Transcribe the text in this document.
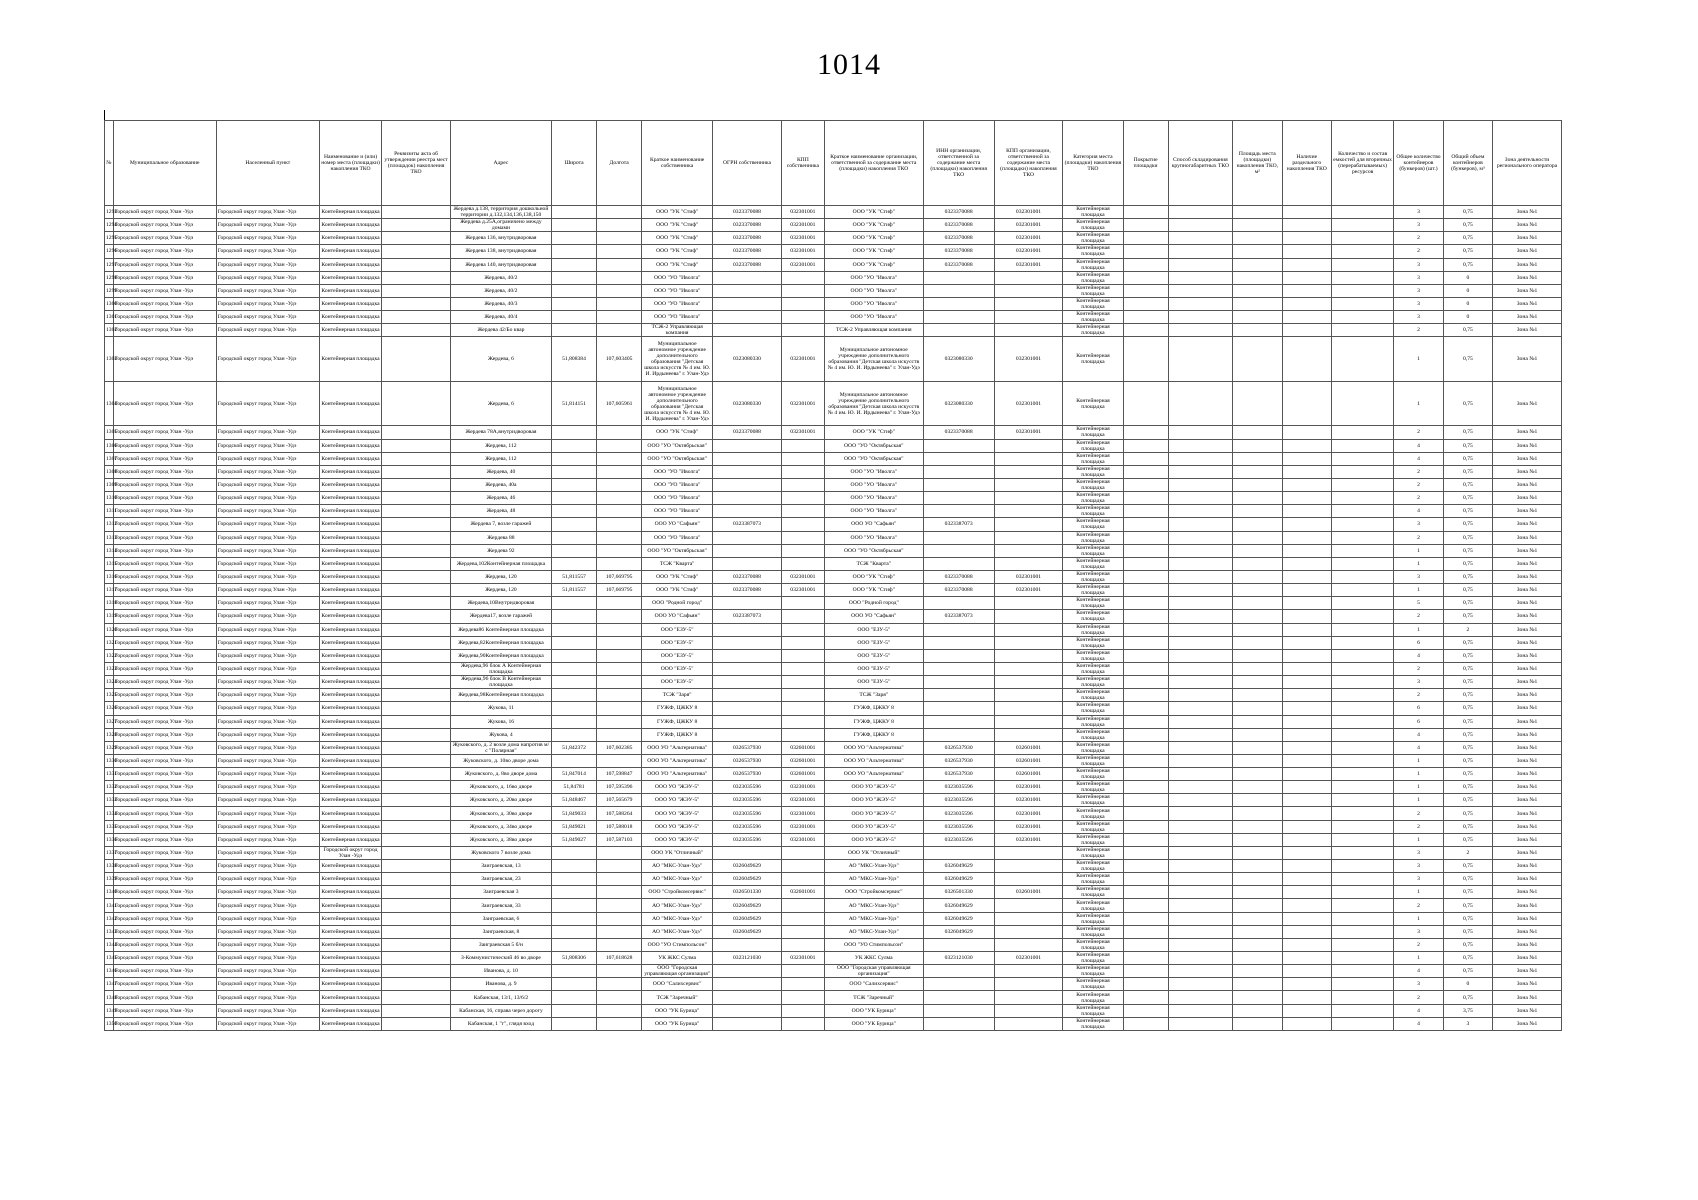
1014
№	Муниципальное образование	Населенный пункт	Наименование и (или) номер места (площадки) накопления ТКО	Реквизиты акта об утверждении реестра мест (площадок) накопления ТКО	Адрес	Широта	Долгота	Краткое наименование собственника	ОГРН собственника	КПП собственника	Краткое наименование организации, ответственной за содержание места (площадки) накопления ТКО	ИНН организации, ответственной за содержание места (площадки) накопления ТКО	КПП организации, ответственной за содержание места (площадки) накопления ТКО	Категория места (площадки) накопления ТКО	Покрытие площадки	Способ складирования крупногабаритных ТКО	Площадь места (площадки) накопления ТКО, м²	Наличие раздельного накопления ТКО	Количество и состав емкостей для вторичных (перерабатываемых) ресурсов	Общее количество контейнеров (бункеров) (шт.)	Общий объем контейнеров (бункеров), м³	Зона деятельности регионального оператора
1293	Городской округ город Улан -Удэ	Городской округ город Улан -Удэ	Контейнерная площадка		Жердева д.138, территория дошкольной территории д.132,134,136,138,150			ООО "УК "Стиф"	0323370088	032301001	ООО "УК "Стиф"	0323370088	032301001	Контейнерная площадка						3	0,75	Зона №1
1294	Городской округ город Улан -Удэ	Городской округ город Улан -Удэ	Контейнерная площадка		Жердева д.25А,ограничено между домами			ООО "УК "Стиф"	0323370088	032301001	ООО "УК "Стиф"	0323370088	032301001	Контейнерная площадка						3	0,75	Зона №1
1295	Городской округ город Улан -Удэ	Городской округ город Улан -Удэ	Контейнерная площадка		Жердева 136, внутридворовая			ООО "УК "Стиф"	0323370088	032301001	ООО "УК "Стиф"	0323370088	032301001	Контейнерная площадка						2	0,75	Зона №1
1296	Городской округ город Улан -Удэ	Городской округ город Улан -Удэ	Контейнерная площадка		Жердева 138, внутридворовая			ООО "УК "Стиф"	0323370088	032301001	ООО "УК "Стиф"	0323370088	032301001	Контейнерная площадка						2	0,75	Зона №1
1297	Городской округ город Улан -Удэ	Городской округ город Улан -Удэ	Контейнерная площадка		Жердева 140, внутридворовая			ООО "УК "Стиф"	0323370088	032301001	ООО "УК "Стиф"	0323370088	032301001	Контейнерная площадка						3	0,75	Зона №1
1298	Городской округ город Улан -Удэ	Городской округ город Улан -Удэ	Контейнерная площадка		Жердева, 40/2			ООО "УО "Иволга"			ООО "УО "Иволга"			Контейнерная площадка						3	0	Зона №1
1299	Городской округ город Улан -Удэ	Городской округ город Улан -Удэ	Контейнерная площадка		Жердева, 40/2			ООО "УО "Иволга"			ООО "УО "Иволга"			Контейнерная площадка						3	0	Зона №1
1300	Городской округ город Улан -Удэ	Городской округ город Улан -Удэ	Контейнерная площадка		Жердева, 40/3			ООО "УО "Иволга"			ООО "УО "Иволга"			Контейнерная площадка						3	0	Зона №1
1301	Городской округ город Улан -Удэ	Городской округ город Улан -Удэ	Контейнерная площадка		Жердева, 40/4			ООО "УО "Иволга"			ООО "УО "Иволга"			Контейнерная площадка						3	0	Зона №1
1302	Городской округ город Улан -Удэ	Городской округ город Улан -Удэ	Контейнерная площадка		Жердева 42/Бо квар			ТСЖ-2 Управляющая компания			ТСЖ-2 Управляющая компания			Контейнерная площадка						2	0,75	Зона №1
1303	Городской округ город Улан -Удэ	Городской округ город Улан -Удэ	Контейнерная площадка		Жердева, 6	51,808384	107,603405	Муниципальное автономное учреждение дополнительного образования "Детская школа искусств № 4 им. Ю. И. Ирдынеева" г. Улан-Удэ	0323080330	032301001	Муниципальное автономное учреждение дополнительного образования "Детская школа искусств № 4 им. Ю. И. Ирдынеева" г. Улан-Удэ	0323080330	032301001	Контейнерная площадка						1	0,75	Зона №1
1304	Городской округ город Улан -Удэ	Городской округ город Улан -Удэ	Контейнерная площадка		Жердева, 6	51,814151	107,605961	Муниципальное автономное учреждение дополнительного образования "Детская школа искусств № 4 им. Ю. И. Ирдынеева" г. Улан-Удэ	0323080330	032301001	Муниципальное автономное учреждение дополнительного образования "Детская школа искусств № 4 им. Ю. И. Ирдынеева" г. Улан-Удэ	0323080330	032301001	Контейнерная площадка						1	0,75	Зона №1
1305	Городской округ город Улан -Удэ	Городской округ город Улан -Удэ	Контейнерная площадка		Жердева 78А,внутридворовая			ООО "УК "Стиф"	0323370088	032301001	ООО "УК "Стиф"	0323370088	032301001	Контейнерная площадка						2	0,75	Зона №1
1306	Городской округ город Улан -Удэ	Городской округ город Улан -Удэ	Контейнерная площадка		Жердева, 112			ООО "УО "Октябрьская"			ООО "УО "Октябрьская"			Контейнерная площадка						4	0,75	Зона №1
1307	Городской округ город Улан -Удэ	Городской округ город Улан -Удэ	Контейнерная площадка		Жердева, 112			ООО "УО "Октябрьская"			ООО "УО "Октябрьская"			Контейнерная площадка						4	0,75	Зона №1
1308	Городской округ город Улан -Удэ	Городской округ город Улан -Удэ	Контейнерная площадка		Жердева, 40			ООО "УО "Иволга"			ООО "УО "Иволга"			Контейнерная площадка						2	0,75	Зона №1
1309	Городской округ город Улан -Удэ	Городской округ город Улан -Удэ	Контейнерная площадка		Жердева, 40а			ООО "УО "Иволга"			ООО "УО "Иволга"			Контейнерная площадка						2	0,75	Зона №1
1310	Городской округ город Улан -Удэ	Городской округ город Улан -Удэ	Контейнерная площадка		Жердева, 46			ООО "УО "Иволга"			ООО "УО "Иволга"			Контейнерная площадка						2	0,75	Зона №1
1311	Городской округ город Улан -Удэ	Городской округ город Улан -Удэ	Контейнерная площадка		Жердева, 48			ООО "УО "Иволга"			ООО "УО "Иволга"			Контейнерная площадка						4	0,75	Зона №1
1312	Городской округ город Улан -Удэ	Городской округ город Улан -Удэ	Контейнерная площадка		Жердева 7, возле гаражей			ООО УО "Сафьян"	0323387073		ООО УО "Сафьян"	0323387073		Контейнерная площадка						3	0,75	Зона №1
1313	Городской округ город Улан -Удэ	Городской округ город Улан -Удэ	Контейнерная площадка		Жердева 88			ООО "УО "Иволга"			ООО "УО "Иволга"			Контейнерная площадка						2	0,75	Зона №1
1314	Городской округ город Улан -Удэ	Городской округ город Улан -Удэ	Контейнерная площадка		Жердева 92			ООО "УО "Октябрьская"			ООО "УО "Октябрьская"			Контейнерная площадка						1	0,75	Зона №1
1315	Городской округ город Улан -Удэ	Городской округ город Улан -Удэ	Контейнерная площадка		Жердева,102Контейнерная площадка			ТСЖ "Кварта"			ТСЖ "Кварта"			Контейнерная площадка						1	0,75	Зона №1
1316	Городской округ город Улан -Удэ	Городской округ город Улан -Удэ	Контейнерная площадка		Жердева, 120	51,811557	107,669795	ООО "УК "Стиф"	0323370088	032301001	ООО "УК "Стиф"	0323370088	032301001	Контейнерная площадка						3	0,75	Зона №1
1317	Городской округ город Улан -Удэ	Городской округ город Улан -Удэ	Контейнерная площадка		Жердева, 120	51,811557	107,669795	ООО "УК "Стиф"	0323370088	032301001	ООО "УК "Стиф"	0323370088	032301001	Контейнерная площадка						1	0,75	Зона №1
1318	Городской округ город Улан -Удэ	Городской округ город Улан -Удэ	Контейнерная площадка		Жердева,10Внутридворовая			ООО "Родной город"			ООО "Родной город"			Контейнерная площадка						5	0,75	Зона №1
1319	Городской округ город Улан -Удэ	Городской округ город Улан -Удэ	Контейнерная площадка		Жердева17, возле гаражей			ООО УО "Сафьян"	0323387073		ООО УО "Сафьян"	0323387073		Контейнерная площадка						2	0,75	Зона №1
1320	Городской округ город Улан -Удэ	Городской округ город Улан -Удэ	Контейнерная площадка		Жердева86 Контейнерная площадка			ООО "ЕЗУ-5"			ООО "ЕЗУ-5"			Контейнерная площадка						1	2	Зона №1
1321	Городской округ город Улан -Удэ	Городской округ город Улан -Удэ	Контейнерная площадка		Жердева,82Контейнерная площадка			ООО "ЕЗУ-5"			ООО "ЕЗУ-5"			Контейнерная площадка						6	0,75	Зона №1
1322	Городской округ город Улан -Удэ	Городской округ город Улан -Удэ	Контейнерная площадка		Жердева,90Контейнерная площадка			ООО "ЕЗУ-5"			ООО "ЕЗУ-5"			Контейнерная площадка						4	0,75	Зона №1
1323	Городской округ город Улан -Удэ	Городской округ город Улан -Удэ	Контейнерная площадка		Жердева,96 блок А Контейнерная площадка			ООО "ЕЗУ-5"			ООО "ЕЗУ-5"			Контейнерная площадка						2	0,75	Зона №1
1324	Городской округ город Улан -Удэ	Городской округ город Улан -Удэ	Контейнерная площадка		Жердева,96 блок В Контейнерная площадка			ООО "ЕЗУ-5"			ООО "ЕЗУ-5"			Контейнерная площадка						3	0,75	Зона №1
1325	Городской округ город Улан -Удэ	Городской округ город Улан -Удэ	Контейнерная площадка		Жердева,98Контейнерная площадка			ТСЖ "Заря"			ТСЖ "Заря"			Контейнерная площадка						2	0,75	Зона №1
1326	Городской округ город Улан -Удэ	Городской округ город Улан -Удэ	Контейнерная площадка		Жукова, 11			ГУЖФ, ЦЖКУ 8			ГУЖФ, ЦЖКУ 8			Контейнерная площадка						6	0,75	Зона №1
1327	Городской округ город Улан -Удэ	Городской округ город Улан -Удэ	Контейнерная площадка		Жукова, 16			ГУЖФ, ЦЖКУ 8			ГУЖФ, ЦЖКУ 8			Контейнерная площадка						6	0,75	Зона №1
1328	Городской округ город Улан -Удэ	Городской округ город Улан -Удэ	Контейнерная площадка		Жукова, 4			ГУЖФ, ЦЖКУ 8			ГУЖФ, ЦЖКУ 8			Контейнерная площадка						4	0,75	Зона №1
1329	Городской округ город Улан -Удэ	Городской округ город Улан -Удэ	Контейнерная площадка		Жуковского, д. 2 возле дома напротив м/с "Полярная"	51,842372	107,602385	ООО УО "Альтернатива"	0326537930	032601001	ООО УО "Альтернатива"	0326537930	032601001	Контейнерная площадка						4	0,75	Зона №1
1330	Городской округ город Улан -Удэ	Городской округ город Улан -Удэ	Контейнерная площадка		Жуковского, д. 10во дворе дома			ООО УО "Альтернатива"	0326537930	032601001	ООО УО "Альтернатива"	0326537930	032601001	Контейнерная площадка						1	0,75	Зона №1
1331	Городской округ город Улан -Удэ	Городской округ город Улан -Удэ	Контейнерная площадка		Жуковского, д. 8во дворе дома	51,847014	107,598847	ООО УО "Альтернатива"	0326537930	032601001	ООО УО "Альтернатива"	0326537930	032601001	Контейнерная площадка						1	0,75	Зона №1
1332	Городской округ город Улан -Удэ	Городской округ город Улан -Удэ	Контейнерная площадка		Жуковского, д. 16во дворе	51,84781	107,595396	ООО УО "ЖЭУ-5"	0323035596	032301001	ООО УО "ЖЭУ-5"	0323035596	032301001	Контейнерная площадка						1	0,75	Зона №1
1333	Городской округ город Улан -Удэ	Городской округ город Улан -Удэ	Контейнерная площадка		Жуковского, д. 20во дворе	51,848467	107,565679	ООО УО "ЖЭУ-5"	0323035596	032301001	ООО УО "ЖЭУ-5"	0323035596	032301001	Контейнерная площадка						1	0,75	Зона №1
1334	Городской округ город Улан -Удэ	Городской округ город Улан -Удэ	Контейнерная площадка		Жуковского, д. 30во дворе	51,849033	107,588264	ООО УО "ЖЭУ-5"	0323035596	032301001	ООО УО "ЖЭУ-5"	0323035596	032301001	Контейнерная площадка						2	0,75	Зона №1
1335	Городской округ город Улан -Удэ	Городской округ город Улан -Удэ	Контейнерная площадка		Жуковского, д. 34во дворе	51,849021	107,588018	ООО УО "ЖЭУ-5"	0323035596	032301001	ООО УО "ЖЭУ-5"	0323035596	032301001	Контейнерная площадка						2	0,75	Зона №1
1336	Городской округ город Улан -Удэ	Городской округ город Улан -Удэ	Контейнерная площадка		Жуковского, д. 38во дворе	51,849027	107,587103	ООО УО "ЖЭУ-5"	0323035596	032301001	ООО УО "ЖЭУ-5"	0323035596	032301001	Контейнерная площадка						1	0,75	Зона №1
1337	Городской округ город Улан -Удэ	Городской округ город Улан -Удэ	Городской округ город Улан -Удэ		Жуковского 7 возле дома			ООО УК "Отличный"			ООО УК "Отличный"			Контейнерная площадка						3	2	Зона №1
1338	Городской округ город Улан -Удэ	Городской округ город Улан -Удэ	Контейнерная площадка		Заиграевская, 13			АО "МКС-Улан-Удэ"	0326049629		АО "МКС-Улан-Удэ"	0326049629		Контейнерная площадка						3	0,75	Зона №1
1339	Городской округ город Улан -Удэ	Городской округ город Улан -Удэ	Контейнерная площадка		Заиграевская, 23			АО "МКС-Улан-Удэ"	0326049629		АО "МКС-Улан-Удэ"	0326049629		Контейнерная площадка						3	0,75	Зона №1
1340	Городской округ город Улан -Удэ	Городской округ город Улан -Удэ	Контейнерная площадка		Заиграевская 3			ООО "Стройкомсервис"	0326501330	032601001	ООО "Стройкомсервис"	0326501330	032601001	Контейнерная площадка						1	0,75	Зона №1
1341	Городской округ город Улан -Удэ	Городской округ город Улан -Удэ	Контейнерная площадка		Заиграевская, 33			АО "МКС-Улан-Удэ"	0326049629		АО "МКС-Улан-Удэ"	0326049629		Контейнерная площадка						2	0,75	Зона №1
1342	Городской округ город Улан -Удэ	Городской округ город Улан -Удэ	Контейнерная площадка		Заиграевская, 6			АО "МКС-Улан-Удэ"	0326049629		АО "МКС-Улан-Удэ"	0326049629		Контейнерная площадка						1	0,75	Зона №1
1343	Городской округ город Улан -Удэ	Городской округ город Улан -Удэ	Контейнерная площадка		Заиграевская, 8			АО "МКС-Улан-Удэ"	0326049629		АО "МКС-Улан-Удэ"	0326049629		Контейнерная площадка						3	0,75	Зона №1
1344	Городской округ город Улан -Удэ	Городской округ город Улан -Удэ	Контейнерная площадка		Заиграевская 5 б/н			ООО "УО Стимпольсон"			ООО "УО Стимпольсон"			Контейнерная площадка						2	0,75	Зона №1
1345	Городской округ город Улан -Удэ	Городской округ город Улан -Удэ	Контейнерная площадка		З-Коммунистический 46 во дворе	51,808306	107,618628	УК ЖКС Сулма	0323121030	032301001	УК ЖКС Сулма	0323121030	032301001	Контейнерная площадка						1	0,75	Зона №1
1346	Городской округ город Улан -Удэ	Городской округ город Улан -Удэ	Контейнерная площадка		Иванова, д. 10			ООО "Городская управляющая организация"			ООО "Городская управляющая организация"			Контейнерная площадка						4	0,75	Зона №1
1347	Городской округ город Улан -Удэ	Городской округ город Улан -Удэ	Контейнерная площадка		Иванова, д. 9			ООО "Салихсервис"			ООО "Салихсервис"			Контейнерная площадка						3	0	Зона №1
1348	Городской округ город Улан -Удэ	Городской округ город Улан -Удэ	Контейнерная площадка		Кабанская, 13/1, 13/6/2			ТСЖ "Заречный"			ТСЖ "Заречный"			Контейнерная площадка						2	0,75	Зона №1
1349	Городской округ город Улан -Удэ	Городской округ город Улан -Удэ	Контейнерная площадка		Кабанская, 16, справа через дорогу			ООО "УК Бурица"			ООО "УК Бурица"			Контейнерная площадка						4	3,75	Зона №1
1350	Городской округ город Улан -Удэ	Городской округ город Улан -Удэ	Контейнерная площадка		Кабанская, 1 "г", глядя вход			ООО "УК Бурица"			ООО "УК Бурица"			Контейнерная площадка						4	3	Зона №1
